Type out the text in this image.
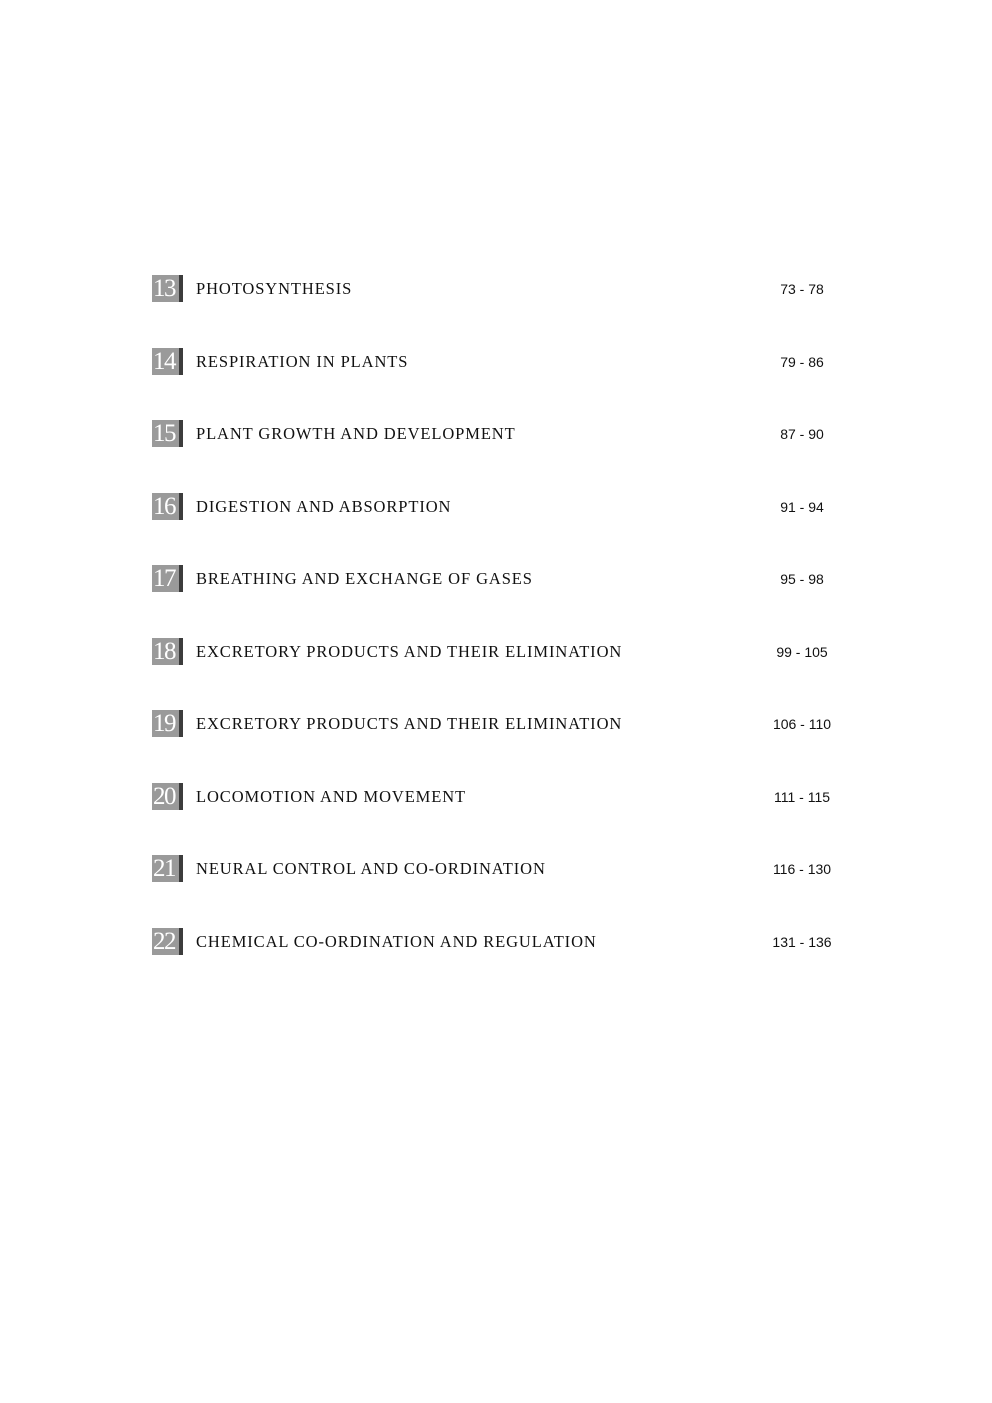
13	PHOTOSYNTHESIS	73 - 78
14	RESPIRATION IN PLANTS	79 - 86
15	PLANT GROWTH AND DEVELOPMENT	87 - 90
16	DIGESTION AND ABSORPTION	91 - 94
17	BREATHING AND EXCHANGE OF GASES	95 - 98
18	EXCRETORY PRODUCTS AND THEIR ELIMINATION	99 - 105
19	EXCRETORY PRODUCTS AND THEIR ELIMINATION	106 - 110
20	LOCOMOTION AND MOVEMENT	111 - 115
21	NEURAL CONTROL AND CO-ORDINATION	116 - 130
22	CHEMICAL CO-ORDINATION AND REGULATION	131 - 136
